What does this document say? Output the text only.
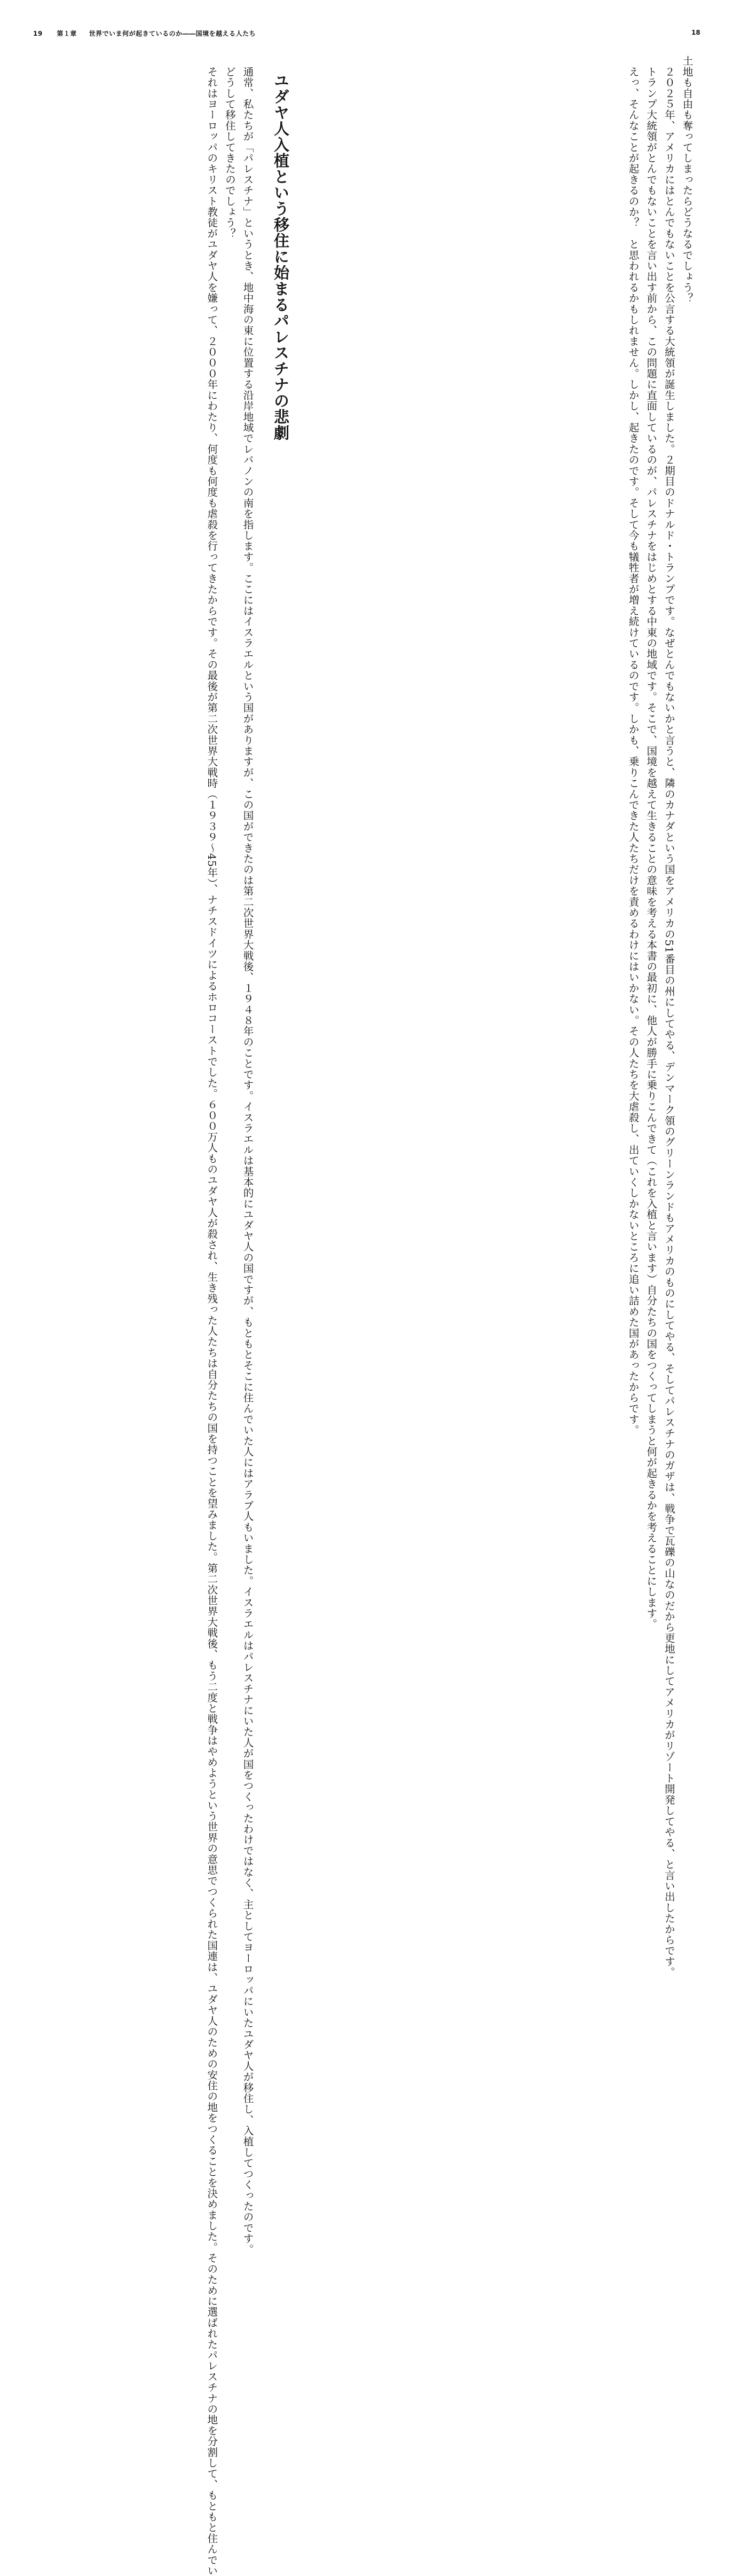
19 第１章 世界でいま何が起きているのか――国境を越える人たち
ユダヤ人入植という移住に始まるパレスチナの悲劇
　通常、私たちが「パレスチナ」というとき、地中海の東に位置する沿岸地域でレバノンの南を指します。ここにはイスラエルという国がありますが、この国ができたのは第二次世界大戦後、１９４８年のことです。イスラエルは基本的にユダヤ人の国ですが、もともとそこに住んでいた人にはアラブ人もいました。イスラエルはパレスチナにいた人が国をつくったわけではなく、主としてヨーロッパにいたユダヤ人が移住し、入植してつくったのです。
　どうして移住してきたのでしょう？
　それはヨーロッパのキリスト教徒がユダヤ人を嫌って、２０００年にわたり、何度も何度も虐殺を行ってきたからです。その最後が第二次世界大戦時（１９３９～45年）、ナチスドイツによるホロコーストでした。６００万人ものユダヤ人が殺され、生き残った人たちは自分たちの国を持つことを望みました。第二次世界大戦後、もう二度と戦争はやめようという世界の意思でつくられた国連は、ユダヤ人のための安住の地をつくることを決めました。そのために選ばれたパレスチナの地を分割して、もともと住んでい
18
土地も自由も奪ってしまったらどうなるでしょう？
　２０２５年、アメリカにはとんでもないことを公言する大統領が誕生しました。２期目のドナルド・トランプです。なぜとんでもないかと言うと、隣のカナダという国をアメリカの51番目の州にしてやる、デンマーク領のグリーンランドもアメリカのものにしてやる、そしてパレスチナのガザは、戦争で瓦礫の山なのだから更地にしてアメリカがリゾート開発してやる、と言い出したからです。
　トランプ大統領がとんでもないことを言い出す前から、この問題に直面しているのが、パレスチナをはじめとする中東の地域です。そこで、国境を越えて生きることの意味を考える本書の最初に、他人が勝手に乗りこんできて（これを入植と言います）自分たちの国をつくってしまうと何が起きるかを考えることにします。
　えっ、そんなことが起きるのか？　と思われるかもしれません。しかし、起きたのです。そして今も犠牲者が増え続けているのです。しかも、乗りこんできた人たちだけを責めるわけにはいかない。その人たちを大虐殺し、出ていくしかないところに追い詰めた国があったからです。
